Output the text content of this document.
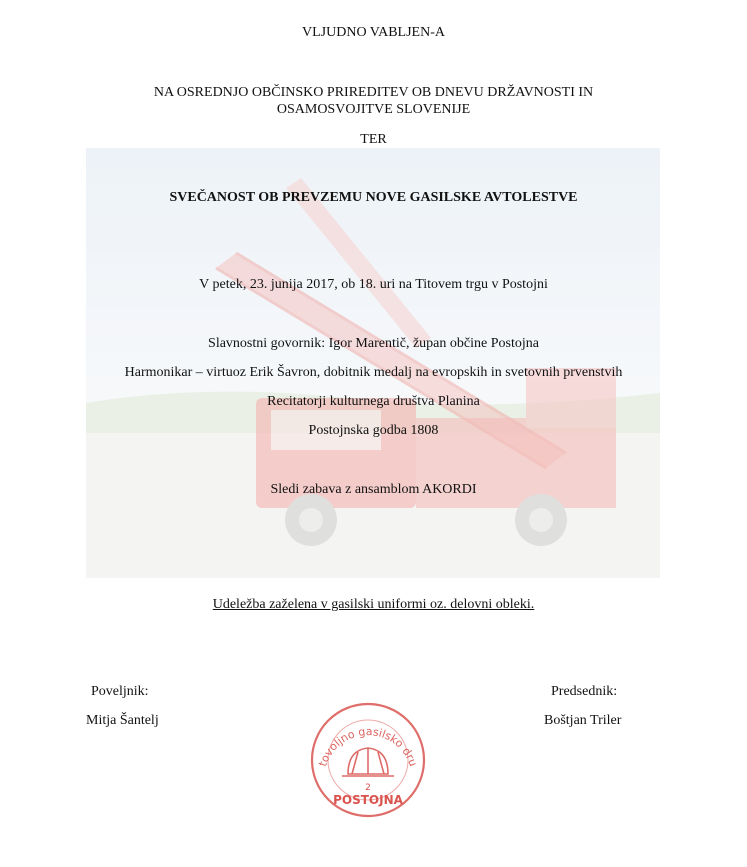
VLJUDNO VABLJEN-A
NA OSREDNJO OBČINSKO PRIREDITEV OB DNEVU DRŽAVNOSTI IN
OSAMOSVOJITVE SLOVENIJE
TER
SVEČANOST OB PREVZEMU NOVE GASILSKE AVTOLESTVE
V petek, 23. junija 2017, ob 18. uri na Titovem trgu v Postojni
Slavnostni govornik: Igor Marentič, župan občine Postojna
Harmonikar – virtuoz Erik Šavron, dobitnik medalj na evropskih in svetovnih prvenstvih
Recitatorji kulturnega društva Planina
Postojnska godba 1808
Sledi zabava z ansamblom AKORDI
Udeležba zaželena v gasilski uniformi oz. delovni obleki.
Poveljnik:
Mitja Šantelj
Predsednik:
Boštjan Triler
tovoljno gasilsko dru
2
POSTOJNA
